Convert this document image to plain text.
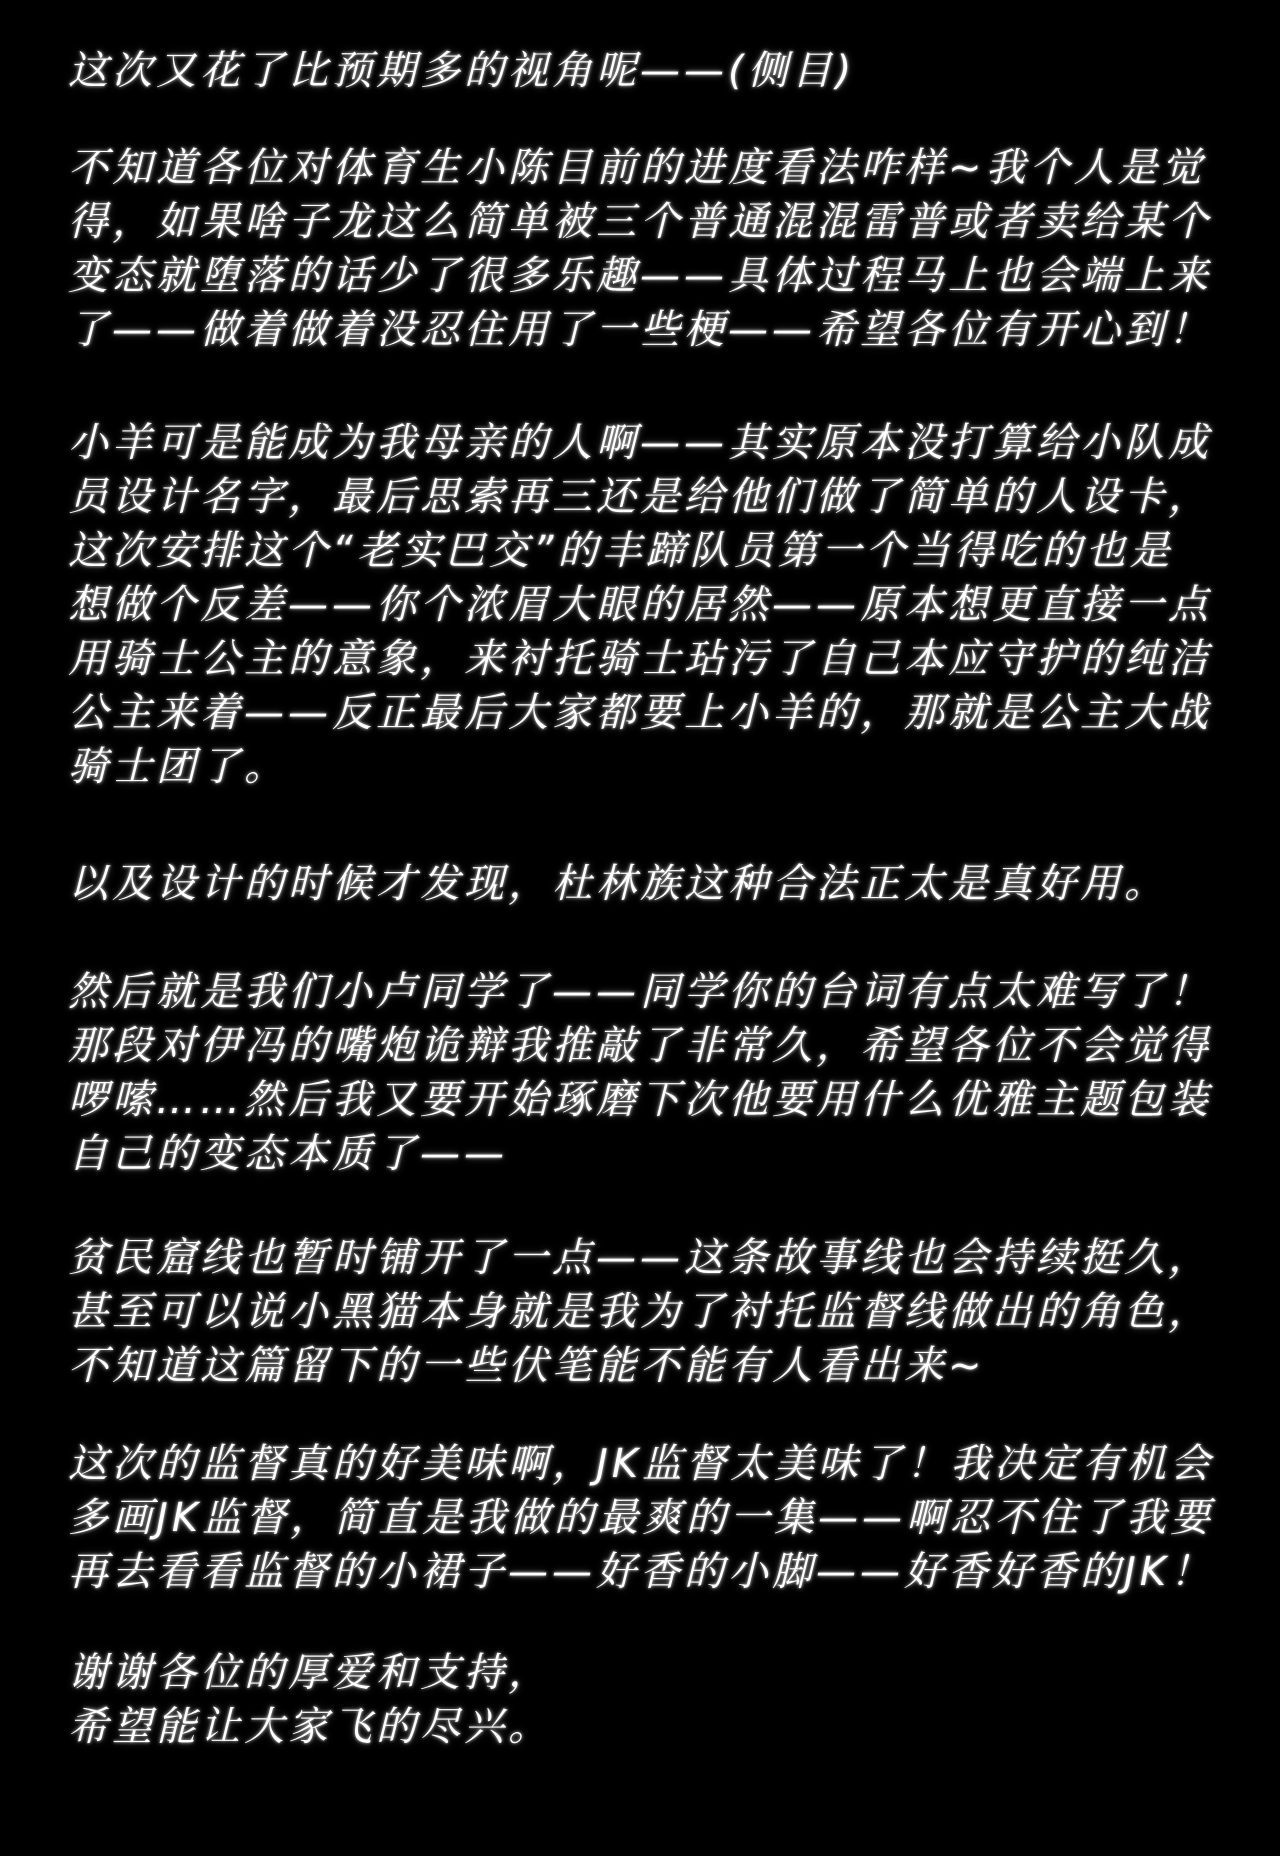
这次又花了比预期多的视角呢——(侧目)
不知道各位对体育生小陈目前的进度看法咋样~我个人是觉
得，如果啥子龙这么简单被三个普通混混雷普或者卖给某个
变态就堕落的话少了很多乐趣——具体过程马上也会端上来
了——做着做着没忍住用了一些梗——希望各位有开心到！
小羊可是能成为我母亲的人啊——其实原本没打算给小队成
员设计名字，最后思索再三还是给他们做了简单的人设卡，
这次安排这个“老实巴交”的丰蹄队员第一个当得吃的也是
想做个反差——你个浓眉大眼的居然——原本想更直接一点
用骑士公主的意象，来衬托骑士玷污了自己本应守护的纯洁
公主来着——反正最后大家都要上小羊的，那就是公主大战
骑士团了。
以及设计的时候才发现，杜林族这种合法正太是真好用。
然后就是我们小卢同学了——同学你的台词有点太难写了！
那段对伊冯的嘴炮诡辩我推敲了非常久，希望各位不会觉得
啰嗦……然后我又要开始琢磨下次他要用什么优雅主题包装
自己的变态本质了——
贫民窟线也暂时铺开了一点——这条故事线也会持续挺久，
甚至可以说小黑猫本身就是我为了衬托监督线做出的角色，
不知道这篇留下的一些伏笔能不能有人看出来~
这次的监督真的好美味啊，JK监督太美味了！我决定有机会
多画JK监督，简直是我做的最爽的一集——啊忍不住了我要
再去看看监督的小裙子——好香的小脚——好香好香的JK！
谢谢各位的厚爱和支持，
希望能让大家飞的尽兴。
